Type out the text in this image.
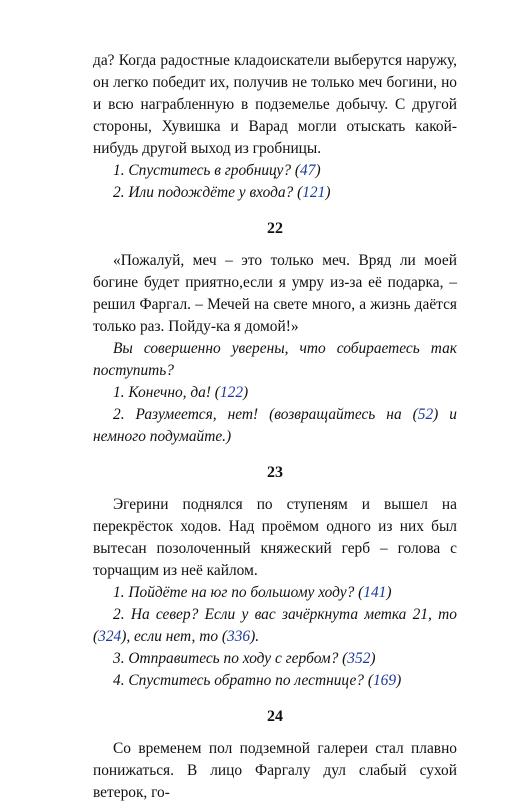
да? Когда радостные кладоискатели выберутся наружу, он легко победит их, получив не только меч богини, но и всю награбленную в подземелье добычу. С другой стороны, Хувишка и Варад могли отыскать какой-нибудь другой выход из гробницы.

1. Спуститесь в гробницу? (47)

2. Или подождёте у входа? (121)

22

«Пожалуй, меч – это только меч. Вряд ли моей богине будет приятно,если я умру из-за её подарка, – решил Фаргал. – Мечей на свете много, а жизнь даётся только раз. Пойду-ка я домой!»

Вы совершенно уверены, что собираетесь так поступить?

1. Конечно, да! (122)

2. Разумеется, нет! (возвращайтесь на (52) и немного подумайте.)

23

Эгерини поднялся по ступеням и вышел на перекрёсток ходов. Над проёмом одного из них был вытесан позолоченный княжеский герб – голова с торчащим из неё кайлом.

1. Пойдёте на юг по большому ходу? (141)

2. На север? Если у вас зачёркнута метка 21, то (324), если нет, то (336).

3. Отправитесь по ходу с гербом? (352)

4. Спуститесь обратно по лестнице? (169)

24

Со временем пол подземной галереи стал плавно понижаться. В лицо Фаргалу дул слабый сухой ветерок, го-
